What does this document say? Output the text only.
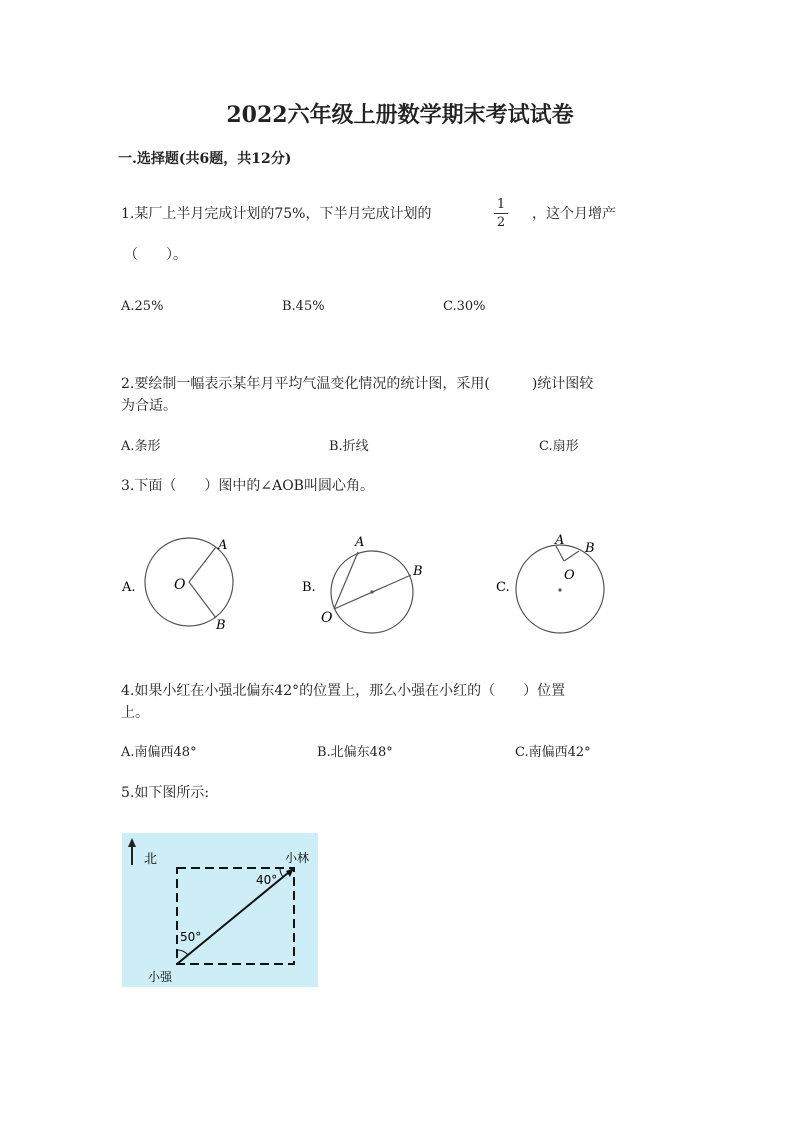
2022六年级上册数学期末考试试卷
一.选择题(共6题，共12分)
1.某厂上半月完成计划的75%，下半月完成计划的
1
2
，这个月增产
（　　）。
A.25%	B.45%	C.30%
2.要绘制一幅表示某年月平均气温变化情况的统计图，采用(　　　)统计图较
为合适。
A.条形	B.折线	C.扇形
3.下面（　　）图中的∠AOB叫圆心角。
A.	O
A
B
B.
O
A
B
C.
O
A
B
4.如果小红在小强北偏东42°的位置上，那么小强在小红的（　　）位置
上。
A.南偏西48°	B.北偏东48°	C.南偏西42°
5.如下图所示:
北
40°
50°
小林
小强
